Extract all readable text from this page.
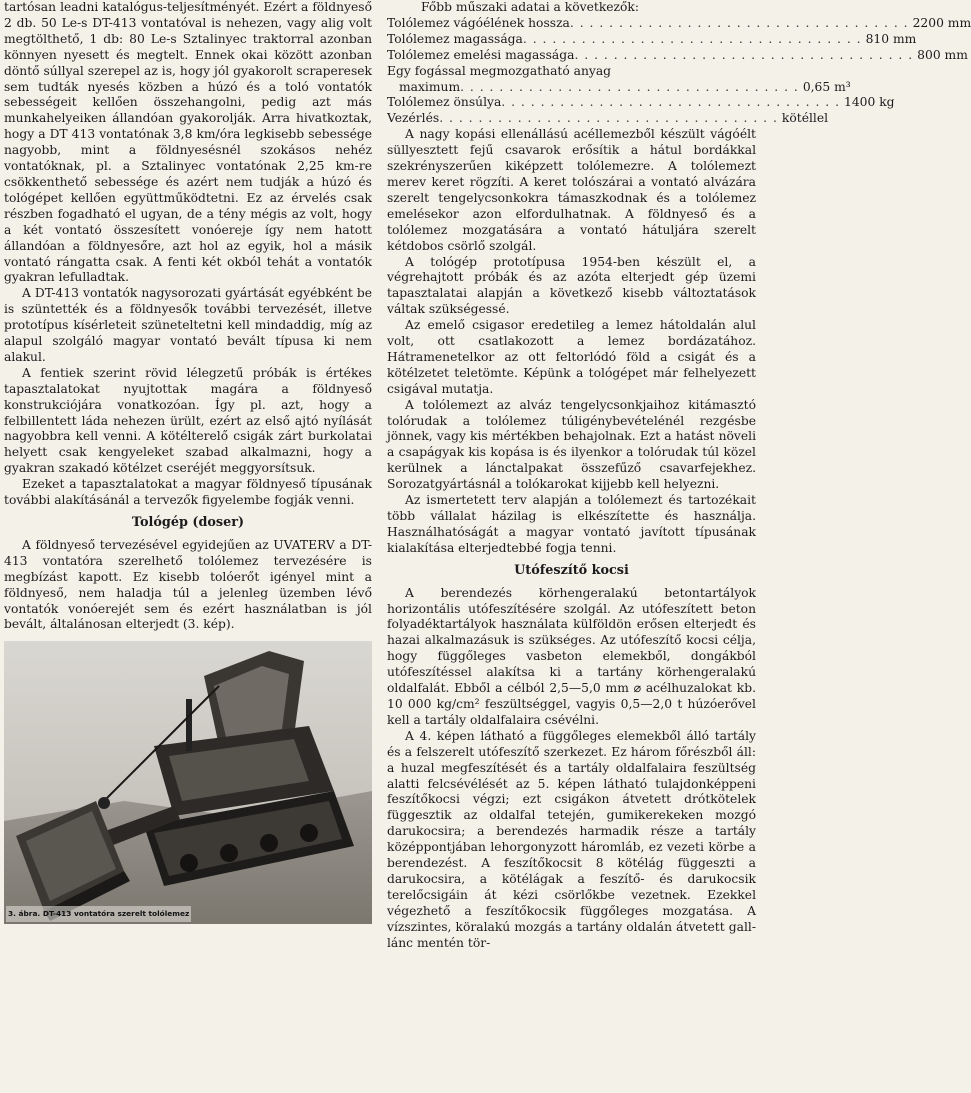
tartósan leadni katalógus-teljesítményét. Ezért a földnyeső 2 db. 50 Le-s DT-413 vontatóval is nehezen, vagy alig volt megtölthető, 1 db: 80 Le-s Sztalinyec traktorral azonban könnyen nyesett és megtelt. Ennek okai között azonban döntő súllyal szerepel az is, hogy jól gyakorolt scraperesek sem tudták nyesés közben a húzó és a toló vontatók sebességeit kellően összehangolni, pedig azt más munkahelyeiken állandóan gyakorolják. Arra hivatkoztak, hogy a DT 413 vontatónak 3,8 km/óra legkisebb sebessége nagyobb, mint a földnyesésnél szokásos nehéz vontatóknak, pl. a Sztalinyec vontatónak 2,25 km-re csökkenthető sebessége és azért nem tudják a húzó és tológépet kellően együttműködtetni. Ez az érvelés csak részben fogadható el ugyan, de a tény mégis az volt, hogy a két vontató összesített vonóereje így nem hatott állandóan a földnyesőre, azt hol az egyik, hol a másik vontató rángatta csak. A fenti két okból tehát a vontatók gyakran lefulladtak.

A DT-413 vontatók nagysorozati gyártását egyébként be is szüntették és a földnyesők további tervezését, illetve prototípus kísérleteit szüneteltetni kell mindaddig, míg az alapul szolgáló magyar vontató bevált típusa ki nem alakul.

A fentiek szerint rövid lélegzetű próbák is értékes tapasztalatokat nyujtottak magára a földnyeső konstrukciójára vonatkozóan. Így pl. azt, hogy a felbillentett láda nehezen ürült, ezért az első ajtó nyílását nagyobbra kell venni. A kötélterelő csigák zárt burkolatai helyett csak kengyeleket szabad alkalmazni, hogy a gyakran szakadó kötélzet cseréjét meggyorsítsuk.

Ezeket a tapasztalatokat a magyar földnyeső típusának további alakításánál a tervezők figyelembe fogják venni.

Tológép (doser)

A földnyeső tervezésével egyidejűen az UVATERV a DT-413 vontatóra szerelhető tolólemez tervezésére is megbízást kapott. Ez kisebb tolóerőt igényel mint a földnyeső, nem haladja túl a jelenleg üzemben lévő vontatók vonóerejét sem és ezért használatban is jól bevált, általánosan elterjedt (3. kép).

3. ábra. DT-413 vontatóra szerelt tolólemez

Főbb műszaki adatai a következők:

Tolólemez vágóélének hossza . . . . . . . . . . . . . . . . . . . . . . . . . . . . . . . . . . . 2200 mm
Tolólemez magassága . . . . . . . . . . . . . . . . . . . . . . . . . . . . . . . . . . . 810 mm
Tolólemez emelési magassága . . . . . . . . . . . . . . . . . . . . . . . . . . . . . . . . . . . 800 mm
Egy fogással megmozgatható anyag
maximum . . . . . . . . . . . . . . . . . . . . . . . . . . . . . . . . . . . 0,65 m³
Tolólemez önsúlya . . . . . . . . . . . . . . . . . . . . . . . . . . . . . . . . . . . 1400 kg
Vezérlés . . . . . . . . . . . . . . . . . . . . . . . . . . . . . . . . . . . kötéllel

A nagy kopási ellenállású acéllemezből készült vágóélt süllyesztett fejű csavarok erősítik a hátul bordákkal szekrényszerűen kiképzett tolólemezre. A tolólemezt merev keret rögzíti. A keret tolószárai a vontató alvázára szerelt tengelycsonkokra támaszkodnak és a tolólemez emelésekor azon elfordulhatnak. A földnyeső és a tolólemez mozgatására a vontató hátuljára szerelt kétdobos csörlő szolgál.

A tológép prototípusa 1954-ben készült el, a végrehajtott próbák és az azóta elterjedt gép üzemi tapasztalatai alapján a következő kisebb változtatások váltak szükségessé.

Az emelő csigasor eredetileg a lemez hátoldalán alul volt, ott csatlakozott a lemez bordázatához. Hátramenetelkor az ott feltorlódó föld a csigát és a kötélzetet teletömte. Képünk a tológépet már felhelyezett csigával mutatja.

A tolólemezt az alváz tengelycsonkjaihoz kitámasztó tolórudak a tolólemez túligénybevételénél rezgésbe jönnek, vagy kis mértékben behajolnak. Ezt a hatást növeli a csapágyak kis kopása is és ilyenkor a tolórudak túl közel kerülnek a lánctalpakat összefűző csavarfejekhez. Sorozatgyártásnál a tolókarokat kijjebb kell helyezni.

Az ismertetett terv alapján a tolólemezt és tartozékait több vállalat házilag is elkészítette és használja. Használhatóságát a magyar vontató javított típusának kialakítása elterjedtebbé fogja tenni.

Utófeszítő kocsi

A berendezés körhengeralakú betontartályok horizontális utófeszítésére szolgál. Az utófeszített beton folyadéktartályok használata külföldön erősen elterjedt és hazai alkalmazásuk is szükséges. Az utófeszítő kocsi célja, hogy függőleges vasbeton elemekből, dongákból utófeszítéssel alakítsa ki a tartány körhengeralakú oldalfalát. Ebből a célból 2,5—5,0 mm ⌀ acélhuzalokat kb. 10 000 kg/cm² feszültséggel, vagyis 0,5—2,0 t húzóerővel kell a tartály oldalfalaira csévélni.

A 4. képen látható a függőleges elemekből álló tartály és a felszerelt utófeszítő szerkezet. Ez három főrészből áll: a huzal megfeszítését és a tartály oldalfalaira feszültség alatti felcsévélését az 5. képen látható tulajdonképpeni feszítőkocsi végzi; ezt csigákon átvetett drótkötelek függesztik az oldalfal tetején, gumikerekeken mozgó darukocsira; a berendezés harmadik része a tartály középpontjában lehorgonyzott háromláb, ez vezeti körbe a berendezést. A feszítőkocsit 8 kötélág függeszti a darukocsira, a kötélágak a feszítő- és darukocsik terelőcsigáin át kézi csörlőkbe vezetnek. Ezekkel végezhető a feszítőkocsik függőleges mozgatása. A vízszintes, köralakú mozgás a tartány oldalán átvetett gall-lánc mentén tör-
